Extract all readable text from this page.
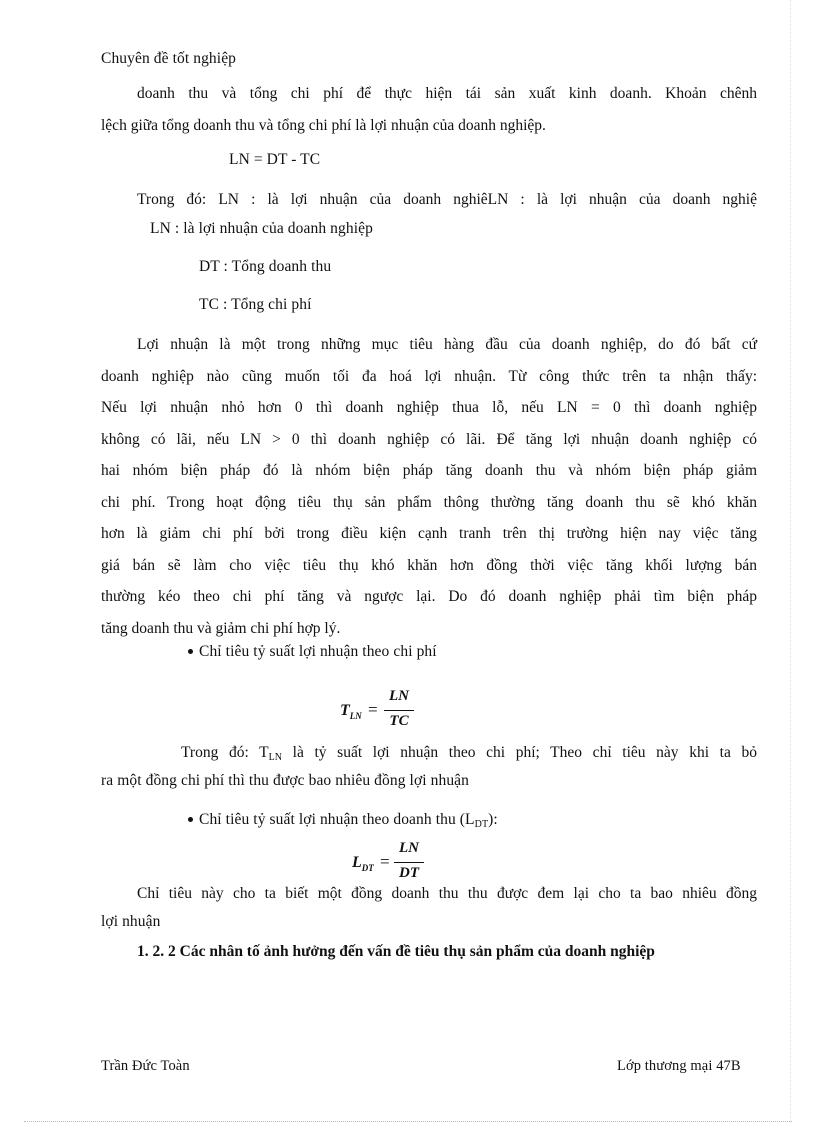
Chuyên đề tốt nghiệp
doanh thu và tổng chi phí để thực hiện tái sản xuất kinh doanh. Khoản chênh
lệch giữa tổng doanh thu và tổng chi phí là lợi nhuận của doanh nghiệp.
LN = DT - TC
Trong đó: LN : là lợi nhuận của doanh nghiêLN : là lợi nhuận của doanh nghiệ
LN : là lợi nhuận của doanh nghiệp
DT : Tổng doanh thu
TC : Tổng chi phí
Lợi nhuận là một trong những mục tiêu hàng đầu của doanh nghiệp, do đó bất cứ
doanh nghiệp nào cũng muốn tối đa hoá lợi nhuận. Từ công thức trên ta nhận thấy:
Nếu lợi nhuận nhỏ hơn 0 thì doanh nghiệp thua lỗ, nếu LN = 0 thì doanh nghiệp
không có lãi, nếu LN > 0 thì doanh nghiệp có lãi. Để tăng lợi nhuận doanh nghiệp có
hai nhóm biện pháp đó là nhóm biện pháp tăng doanh thu và nhóm biện pháp giảm
chi phí. Trong hoạt động tiêu thụ sản phẩm thông thường tăng doanh thu sẽ khó khăn
hơn là giảm chi phí bởi trong điều kiện cạnh tranh trên thị trường hiện nay việc tăng
giá bán sẽ làm cho việc tiêu thụ khó khăn hơn đồng thời việc tăng khối lượng bán
thường kéo theo chi phí tăng và ngược lại. Do đó doanh nghiệp phải tìm biện pháp
tăng doanh thu và giảm chi phí hợp lý.
Chỉ tiêu tỷ suất lợi nhuận theo chi phí
$T_{LN}$ =
LN
TC
Trong đó: $T_{LN}$ là tỷ suất lợi nhuận theo chi phí; Theo chỉ tiêu này khi ta bỏ
ra một đồng chi phí thì thu được bao nhiêu đồng lợi nhuận
Chỉ tiêu tỷ suất lợi nhuận theo doanh thu $(L_{DT})$:
$L_{DT}$ =
LN
DT
Chỉ tiêu này cho ta biết một đồng doanh thu thu được đem lại cho ta bao nhiêu đồng
lợi nhuận
1. 2. 2 Các nhân tố ảnh hưởng đến vấn đề tiêu thụ sản phẩm của doanh nghiệp
Trần Đức Toàn	Lớp thương mại 47B
